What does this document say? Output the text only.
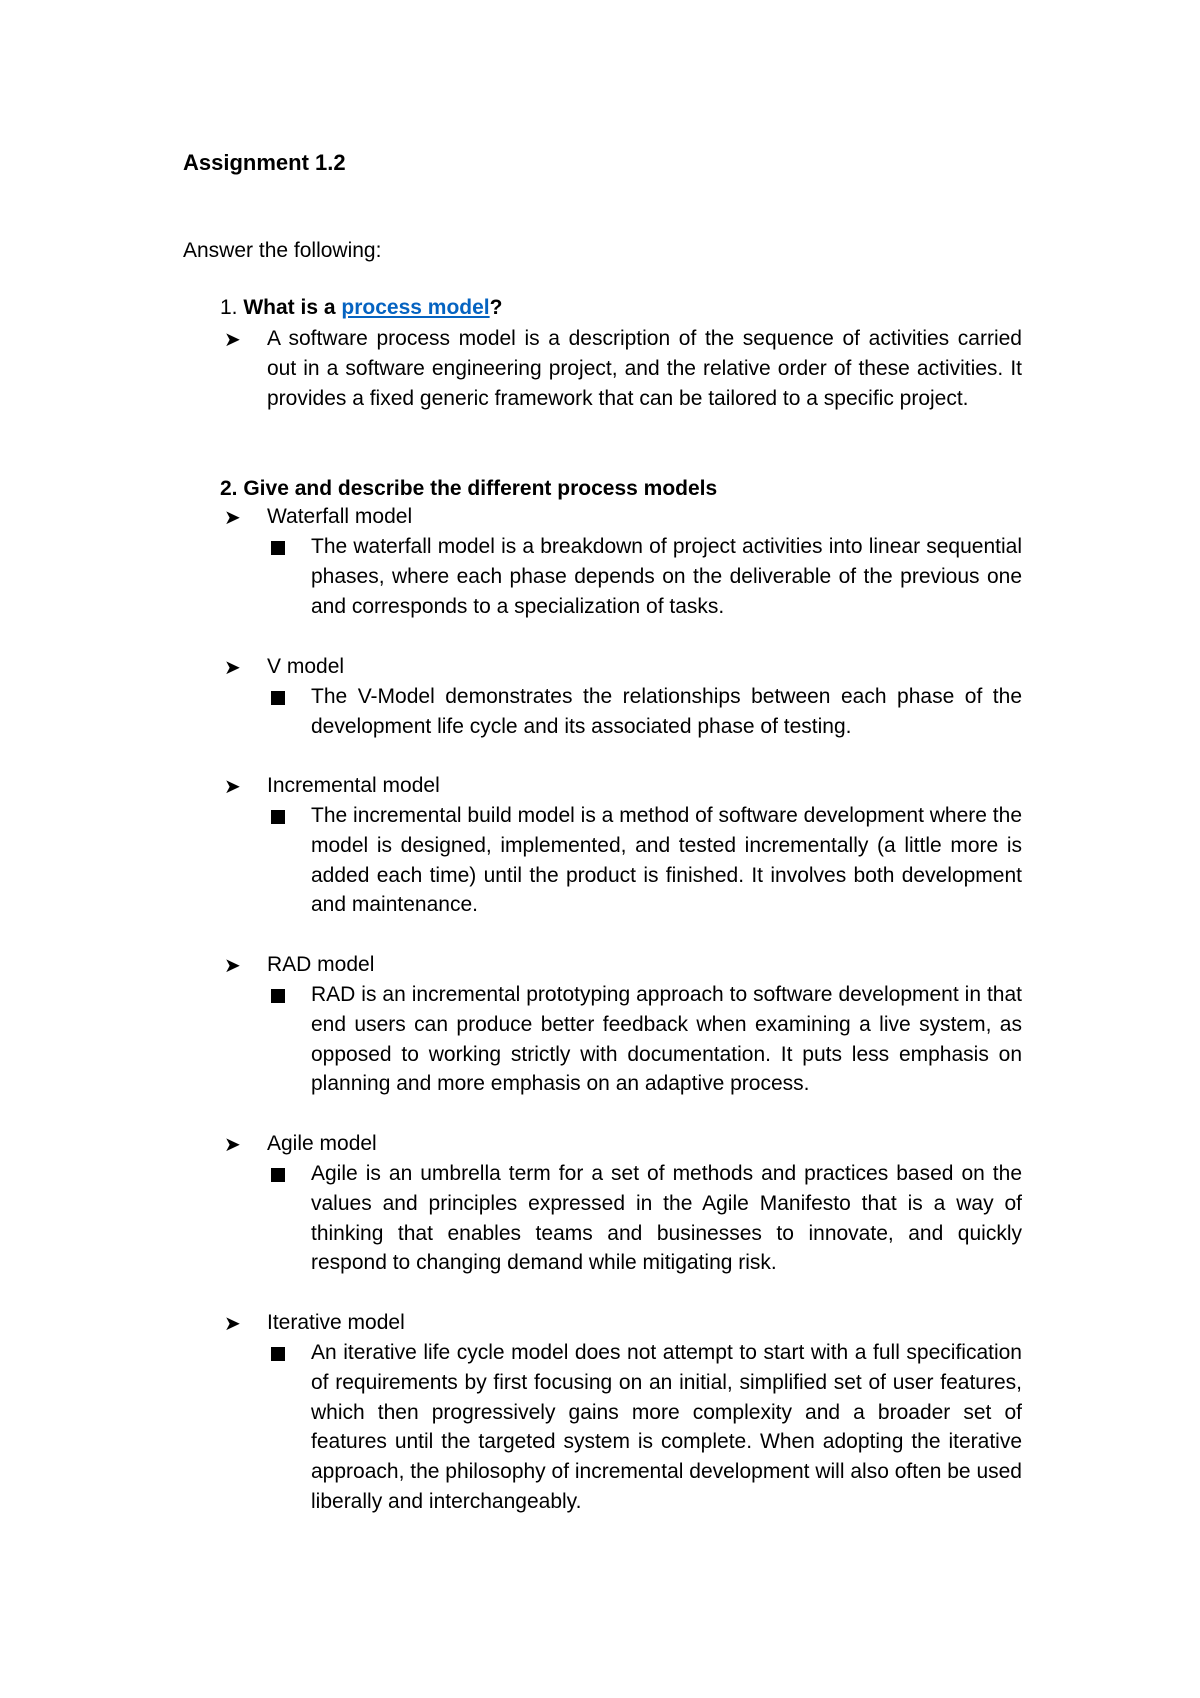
Assignment 1.2
Answer the following:
1. What is a process model?
➤ A software process model is a description of the sequence of activities carried out in a software engineering project, and the relative order of these activities. It provides a fixed generic framework that can be tailored to a specific project.
2. Give and describe the different process models
➤ Waterfall model
The waterfall model is a breakdown of project activities into linear sequential phases, where each phase depends on the deliverable of the previous one and corresponds to a specialization of tasks.
➤ V model
The V-Model demonstrates the relationships between each phase of the development life cycle and its associated phase of testing.
➤ Incremental model
The incremental build model is a method of software development where the model is designed, implemented, and tested incrementally (a little more is added each time) until the product is finished. It involves both development and maintenance.
➤ RAD model
RAD is an incremental prototyping approach to software development in that end users can produce better feedback when examining a live system, as opposed to working strictly with documentation. It puts less emphasis on planning and more emphasis on an adaptive process.
➤ Agile model
Agile is an umbrella term for a set of methods and practices based on the values and principles expressed in the Agile Manifesto that is a way of thinking that enables teams and businesses to innovate, and quickly respond to changing demand while mitigating risk.
➤ Iterative model
An iterative life cycle model does not attempt to start with a full specification of requirements by first focusing on an initial, simplified set of user features, which then progressively gains more complexity and a broader set of features until the targeted system is complete. When adopting the iterative approach, the philosophy of incremental development will also often be used liberally and interchangeably.
